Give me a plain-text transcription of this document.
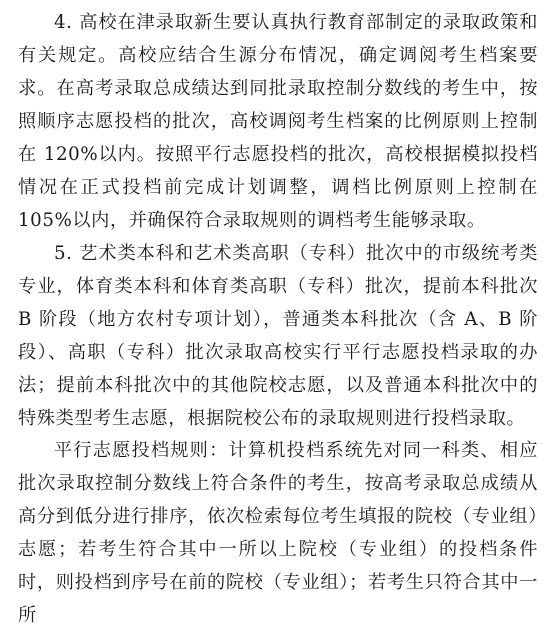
4. 高校在津录取新生要认真执行教育部制定的录取政策和有关规定。高校应结合生源分布情况，确定调阅考生档案要求。在高考录取总成绩达到同批录取控制分数线的考生中，按照顺序志愿投档的批次，高校调阅考生档案的比例原则上控制在 120%以内。按照平行志愿投档的批次，高校根据模拟投档情况在正式投档前完成计划调整，调档比例原则上控制在 105%以内，并确保符合录取规则的调档考生能够录取。

5. 艺术类本科和艺术类高职（专科）批次中的市级统考类专业，体育类本科和体育类高职（专科）批次，提前本科批次 B 阶段（地方农村专项计划），普通类本科批次（含 A、B 阶段）、高职（专科）批次录取高校实行平行志愿投档录取的办法；提前本科批次中的其他院校志愿，以及普通本科批次中的特殊类型考生志愿，根据院校公布的录取规则进行投档录取。

平行志愿投档规则：计算机投档系统先对同一科类、相应批次录取控制分数线上符合条件的考生，按高考录取总成绩从高分到低分进行排序，依次检索每位考生填报的院校（专业组）志愿；若考生符合其中一所以上院校（专业组）的投档条件时，则投档到序号在前的院校（专业组）；若考生只符合其中一所
